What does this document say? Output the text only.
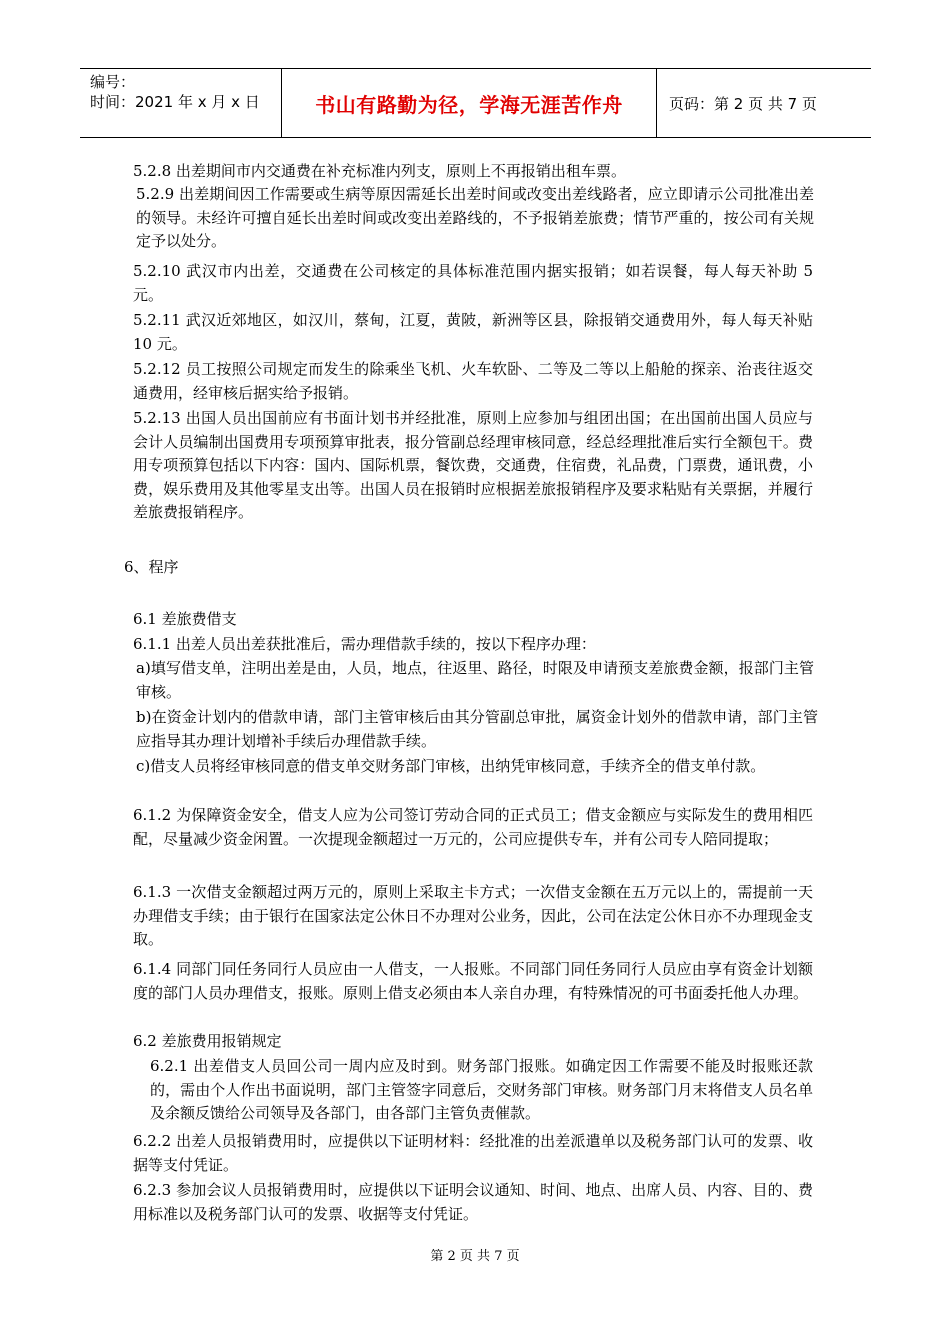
编号：
时间：2021 年 x 月 x 日	书山有路勤为径，学海无涯苦作舟	页码：第 2 页 共 7 页
5.2.8 出差期间市内交通费在补充标准内列支，原则上不再报销出租车票。
5.2.9 出差期间因工作需要或生病等原因需延长出差时间或改变出差线路者，应立即请示公司批准出差的领导。未经许可擅自延长出差时间或改变出差路线的，不予报销差旅费；情节严重的，按公司有关规定予以处分。
5.2.10 武汉市内出差，交通费在公司核定的具体标准范围内据实报销；如若误餐，每人每天补助 5 元。
5.2.11 武汉近郊地区，如汉川，蔡甸，江夏，黄陂，新洲等区县，除报销交通费用外，每人每天补贴 10 元。
5.2.12 员工按照公司规定而发生的除乘坐飞机、火车软卧、二等及二等以上船舱的探亲、治丧往返交通费用，经审核后据实给予报销。
5.2.13 出国人员出国前应有书面计划书并经批准，原则上应参加与组团出国；在出国前出国人员应与会计人员编制出国费用专项预算审批表，报分管副总经理审核同意，经总经理批准后实行全额包干。费用专项预算包括以下内容：国内、国际机票，餐饮费，交通费，住宿费，礼品费，门票费，通讯费，小费，娱乐费用及其他零星支出等。出国人员在报销时应根据差旅报销程序及要求粘贴有关票据，并履行差旅费报销程序。
6、程序
6.1 差旅费借支
6.1.1 出差人员出差获批准后，需办理借款手续的，按以下程序办理：
a)填写借支单，注明出差是由，人员，地点，往返里、路径，时限及申请预支差旅费金额，报部门主管审核。
b)在资金计划内的借款申请，部门主管审核后由其分管副总审批，属资金计划外的借款申请，部门主管应指导其办理计划增补手续后办理借款手续。
c)借支人员将经审核同意的借支单交财务部门审核，出纳凭审核同意，手续齐全的借支单付款。
6.1.2 为保障资金安全，借支人应为公司签订劳动合同的正式员工；借支金额应与实际发生的费用相匹配，尽量减少资金闲置。一次提现金额超过一万元的，公司应提供专车，并有公司专人陪同提取；
6.1.3 一次借支金额超过两万元的，原则上采取主卡方式；一次借支金额在五万元以上的，需提前一天办理借支手续；由于银行在国家法定公休日不办理对公业务，因此，公司在法定公休日亦不办理现金支取。
6.1.4 同部门同任务同行人员应由一人借支，一人报账。不同部门同任务同行人员应由享有资金计划额度的部门人员办理借支，报账。原则上借支必须由本人亲自办理，有特殊情况的可书面委托他人办理。
6.2 差旅费用报销规定
6.2.1 出差借支人员回公司一周内应及时到。财务部门报账。如确定因工作需要不能及时报账还款的，需由个人作出书面说明，部门主管签字同意后，交财务部门审核。财务部门月末将借支人员名单及余额反馈给公司领导及各部门，由各部门主管负责催款。
6.2.2 出差人员报销费用时，应提供以下证明材料：经批准的出差派遣单以及税务部门认可的发票、收据等支付凭证。
6.2.3 参加会议人员报销费用时，应提供以下证明会议通知、时间、地点、出席人员、内容、目的、费用标准以及税务部门认可的发票、收据等支付凭证。
第 2 页 共 7 页
